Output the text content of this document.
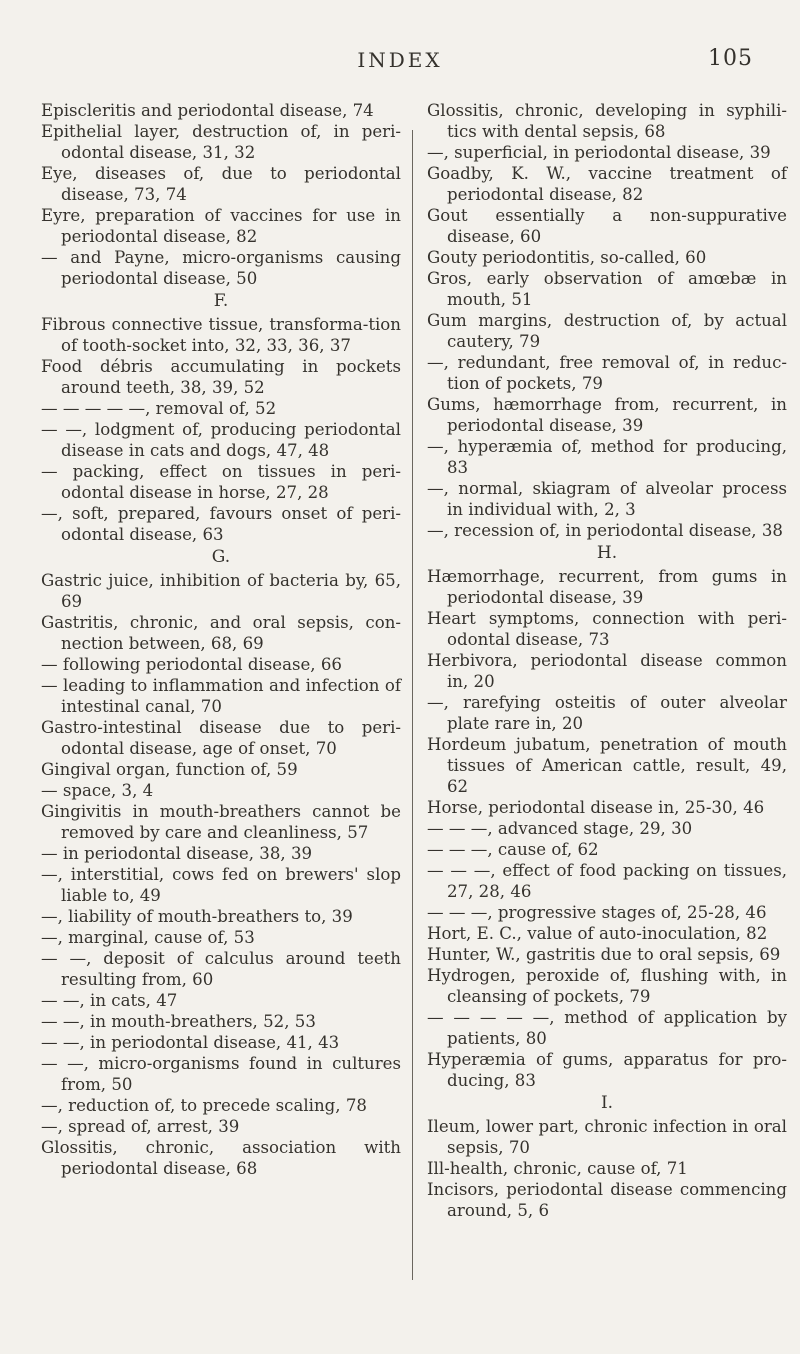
INDEX	105

Episcleritis and periodontal disease, 74

Epithelial layer, destruction of, in peri-odontal disease, 31, 32

Eye, diseases of, due to periodontal disease, 73, 74

Eyre, preparation of vaccines for use in periodontal disease, 82

— and Payne, micro-organisms causing periodontal disease, 50

F.

Fibrous connective tissue, transforma-tion of tooth-socket into, 32, 33, 36, 37

Food débris accumulating in pockets around teeth, 38, 39, 52

— — — — —, removal of, 52

— —, lodgment of, producing periodontal disease in cats and dogs, 47, 48

— packing, effect on tissues in peri-odontal disease in horse, 27, 28

—, soft, prepared, favours onset of peri-odontal disease, 63

G.

Gastric juice, inhibition of bacteria by, 65, 69

Gastritis, chronic, and oral sepsis, con-nection between, 68, 69

— following periodontal disease, 66

— leading to inflammation and infection of intestinal canal, 70

Gastro-intestinal disease due to peri-odontal disease, age of onset, 70

Gingival organ, function of, 59

— space, 3, 4

Gingivitis in mouth-breathers cannot be removed by care and cleanliness, 57

— in periodontal disease, 38, 39

—, interstitial, cows fed on brewers' slop liable to, 49

—, liability of mouth-breathers to, 39

—, marginal, cause of, 53

— —, deposit of calculus around teeth resulting from, 60

— —, in cats, 47

— —, in mouth-breathers, 52, 53

— —, in periodontal disease, 41, 43

— —, micro-organisms found in cultures from, 50

—, reduction of, to precede scaling, 78

—, spread of, arrest, 39

Glossitis, chronic, association with periodontal disease, 68

Glossitis, chronic, developing in syphili-tics with dental sepsis, 68

—, superficial, in periodontal disease, 39

Goadby, K. W., vaccine treatment of periodontal disease, 82

Gout essentially a non-suppurative disease, 60

Gouty periodontitis, so-called, 60

Gros, early observation of amœbæ in mouth, 51

Gum margins, destruction of, by actual cautery, 79

—, redundant, free removal of, in reduc-tion of pockets, 79

Gums, hæmorrhage from, recurrent, in periodontal disease, 39

—, hyperæmia of, method for producing, 83

—, normal, skiagram of alveolar process in individual with, 2, 3

—, recession of, in periodontal disease, 38

H.

Hæmorrhage, recurrent, from gums in periodontal disease, 39

Heart symptoms, connection with peri-odontal disease, 73

Herbivora, periodontal disease common in, 20

—, rarefying osteitis of outer alveolar plate rare in, 20

Hordeum jubatum, penetration of mouth tissues of American cattle, result, 49, 62

Horse, periodontal disease in, 25-30, 46

— — —, advanced stage, 29, 30

— — —, cause of, 62

— — —, effect of food packing on tissues, 27, 28, 46

— — —, progressive stages of, 25-28, 46

Hort, E. C., value of auto-inoculation, 82

Hunter, W., gastritis due to oral sepsis, 69

Hydrogen, peroxide of, flushing with, in cleansing of pockets, 79

— — — — —, method of application by patients, 80

Hyperæmia of gums, apparatus for pro-ducing, 83

I.

Ileum, lower part, chronic infection in oral sepsis, 70

Ill-health, chronic, cause of, 71

Incisors, periodontal disease commencing around, 5, 6
